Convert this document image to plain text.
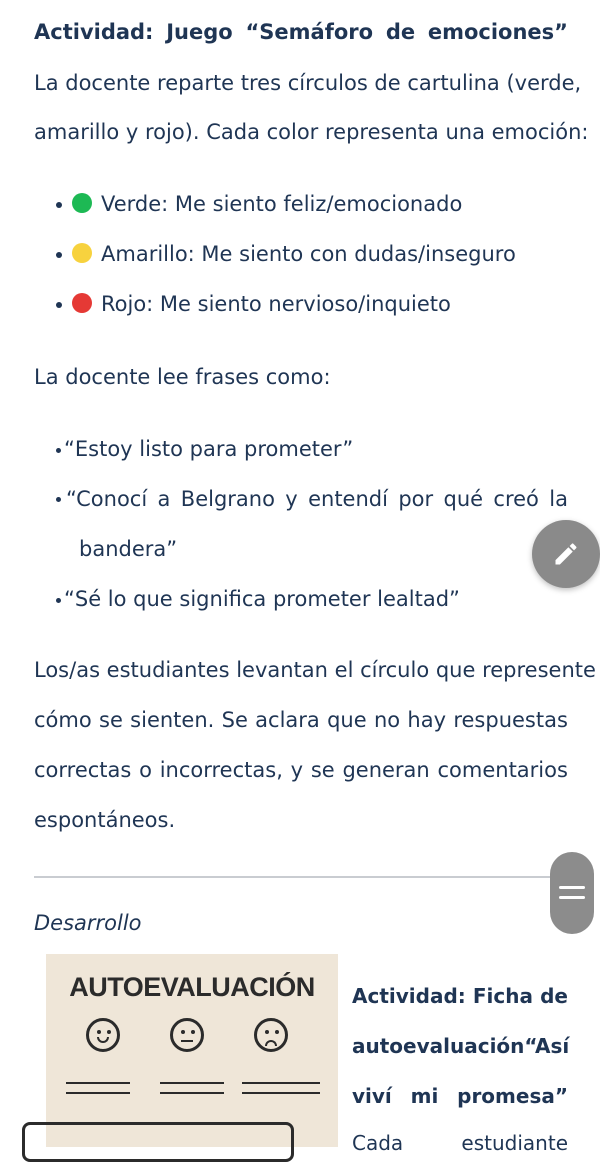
Actividad: Juego “Semáforo de emociones”
La docente reparte tres círculos de cartulina (verde,
amarillo y rojo). Cada color representa una emoción:
Verde: Me siento feliz/emocionado
Amarillo: Me siento con dudas/inseguro
Rojo: Me siento nervioso/inquieto
La docente lee frases como:
“Estoy listo para prometer”
“Conocí a Belgrano y entendí por qué creó la
bandera”
“Sé lo que significa prometer lealtad”
Los/as estudiantes levantan el círculo que represente
cómo se sienten. Se aclara que no hay respuestas
correctas o incorrectas, y se generan comentarios
espontáneos.
Desarrollo
AUTOEVALUACIÓN	Actividad: Ficha de
autoevaluación “Así
viví mi promesa”
Cada	estudiante
